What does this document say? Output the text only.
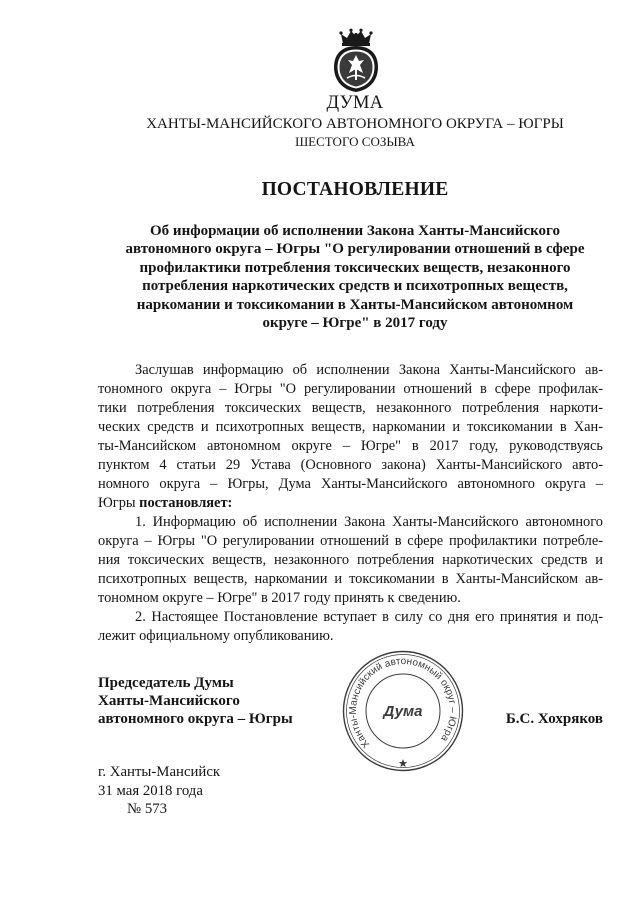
ДУМА
ХАНТЫ-МАНСИЙСКОГО АВТОНОМНОГО ОКРУГА – ЮГРЫ
ШЕСТОГО СОЗЫВА
ПОСТАНОВЛЕНИЕ
Об информации об исполнении Закона Ханты-Мансийского
автономного округа – Югры "О регулировании отношений в сфере
профилактики потребления токсических веществ, незаконного
потребления наркотических средств и психотропных веществ,
наркомании и токсикомании в Ханты-Мансийском автономном
округе – Югре" в 2017 году
Заслушав информацию об исполнении Закона Ханты-Мансийского ав-
тономного округа – Югры "О регулировании отношений в сфере профилак-
тики потребления токсических веществ, незаконного потребления наркоти-
ческих средств и психотропных веществ, наркомании и токсикомании в Хан-
ты-Мансийском автономном округе – Югре" в 2017 году, руководствуясь
пунктом 4 статьи 29 Устава (Основного закона) Ханты-Мансийского авто-
номного округа – Югры, Дума Ханты-Мансийского автономного округа –
Югры постановляет:
1. Информацию об исполнении Закона Ханты-Мансийского автономного
округа – Югры "О регулировании отношений в сфере профилактики потребле-
ния токсических веществ, незаконного потребления наркотических средств и
психотропных веществ, наркомании и токсикомании в Ханты-Мансийском ав-
тономном округе – Югре" в 2017 году принять к сведению.
2. Настоящее Постановление вступает в силу со дня его принятия и под-
лежит официальному опубликованию.
Председатель Думы
Ханты-Мансийского
автономного округа – Югры
Ханты-Мансийский автономный округ – Югра
Дума	Б.С. Хохряков
г. Ханты-Мансийск
31 мая 2018 года
№ 573
